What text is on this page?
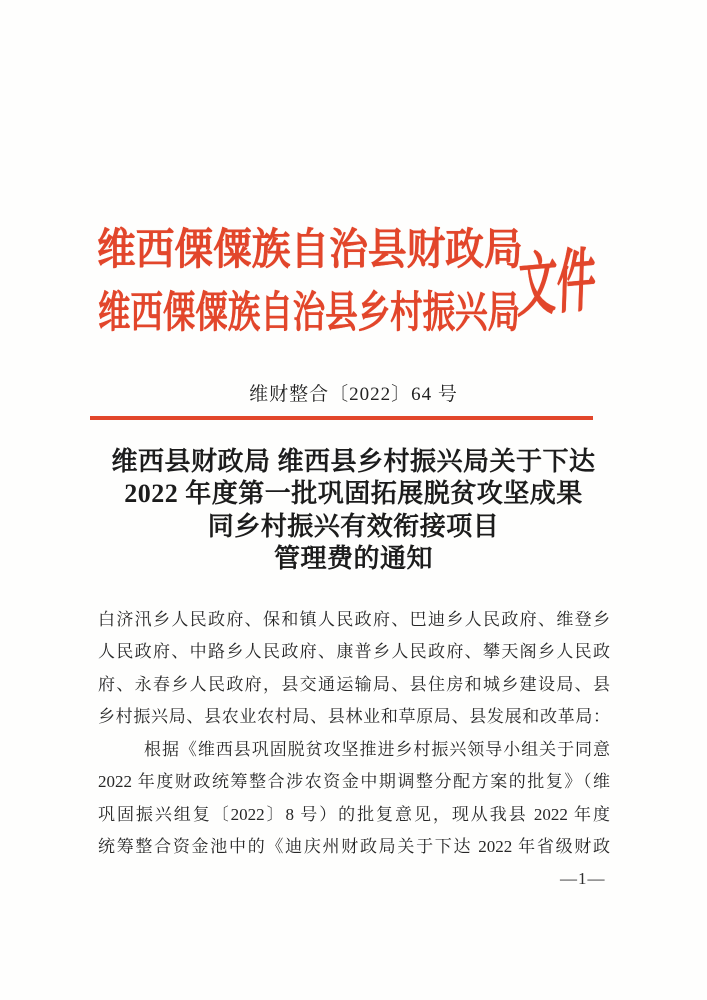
维西傈僳族自治县财政局
维西傈僳族自治县乡村振兴局
文件
维财整合〔2022〕64 号
维西县财政局 维西县乡村振兴局关于下达
2022 年度第一批巩固拓展脱贫攻坚成果
同乡村振兴有效衔接项目
管理费的通知
白济汛乡人民政府、保和镇人民政府、巴迪乡人民政府、维登乡
人民政府、中路乡人民政府、康普乡人民政府、攀天阁乡人民政
府、永春乡人民政府，县交通运输局、县住房和城乡建设局、县
乡村振兴局、县农业农村局、县林业和草原局、县发展和改革局：
根据《维西县巩固脱贫攻坚推进乡村振兴领导小组关于同意
2022 年度财政统筹整合涉农资金中期调整分配方案的批复》（维
巩固振兴组复〔2022〕8 号）的批复意见，现从我县 2022 年度
统筹整合资金池中的《迪庆州财政局关于下达 2022 年省级财政
—1—
